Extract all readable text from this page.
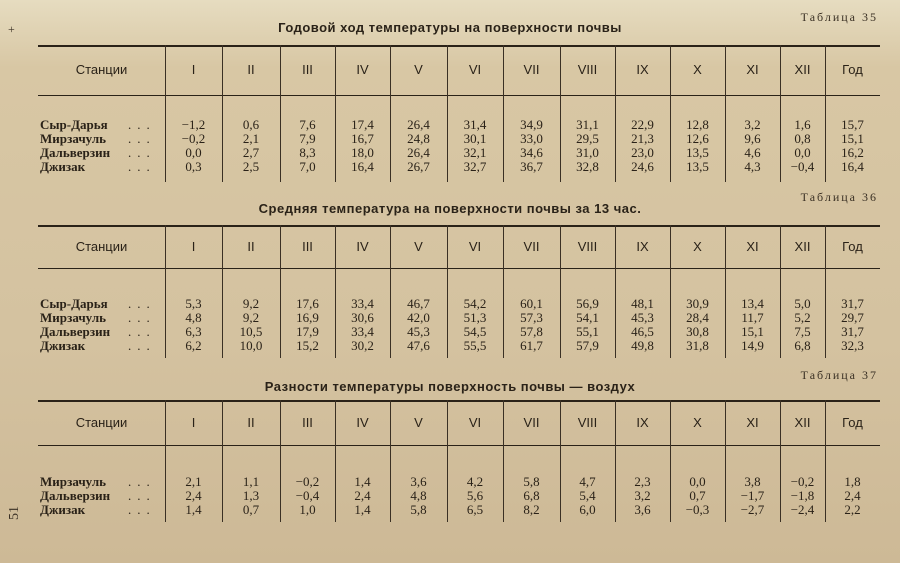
+
51
Таблица 35
Годовой ход температуры на поверхности почвы
Станции	I	II	III	IV	V	VI	VII	VIII	IX	X	XI	XII	Год
Сыр-Дарья ...	−1,2	0,6	7,6	17,4	26,4	31,4	34,9	31,1	22,9	12,8	3,2	1,6	15,7
Мирзачуль ...	−0,2	2,1	7,9	16,7	24,8	30,1	33,0	29,5	21,3	12,6	9,6	0,8	15,1
Дальверзин ...	0,0	2,7	8,3	18,0	26,4	32,1	34,6	31,0	23,0	13,5	4,6	0,0	16,2
Джизак	...	0,3	2,5	7,0	16,4	26,7	32,7	36,7	32,8	24,6	13,5	4,3	−0,4	16,4
Таблица 36
Средняя температура на поверхности почвы за 13 час.
Станции	I	II	III	IV	V	VI	VII	VIII	IX	X	XI	XII	Год
Сыр-Дарья ...	5,3	9,2	17,6	33,4	46,7	54,2	60,1	56,9	48,1	30,9	13,4	5,0	31,7
Мирзачуль ...	4,8	9,2	16,9	30,6	42,0	51,3	57,3	54,1	45,3	28,4	11,7	5,2	29,7
Дальверзин ...	6,3	10,5	17,9	33,4	45,3	54,5	57,8	55,1	46,5	30,8	15,1	7,5	31,7
Джизак	...	6,2	10,0	15,2	30,2	47,6	55,5	61,7	57,9	49,8	31,8	14,9	6,8	32,3
Таблица 37
Разности температуры поверхность почвы — воздух
Станции	I	II	III	IV	V	VI	VII	VIII	IX	X	XI	XII	Год
Мирзачуль ...	2,1	1,1	−0,2	1,4	3,6	4,2	5,8	4,7	2,3	0,0	3,8	−0,2	1,8
Дальверзин ...	2,4	1,3	−0,4	2,4	4,8	5,6	6,8	5,4	3,2	0,7	−1,7	−1,8	2,4
Джизак	...	1,4	0,7	1,0	1,4	5,8	6,5	8,2	6,0	3,6	−0,3	−2,7	−2,4	2,2
